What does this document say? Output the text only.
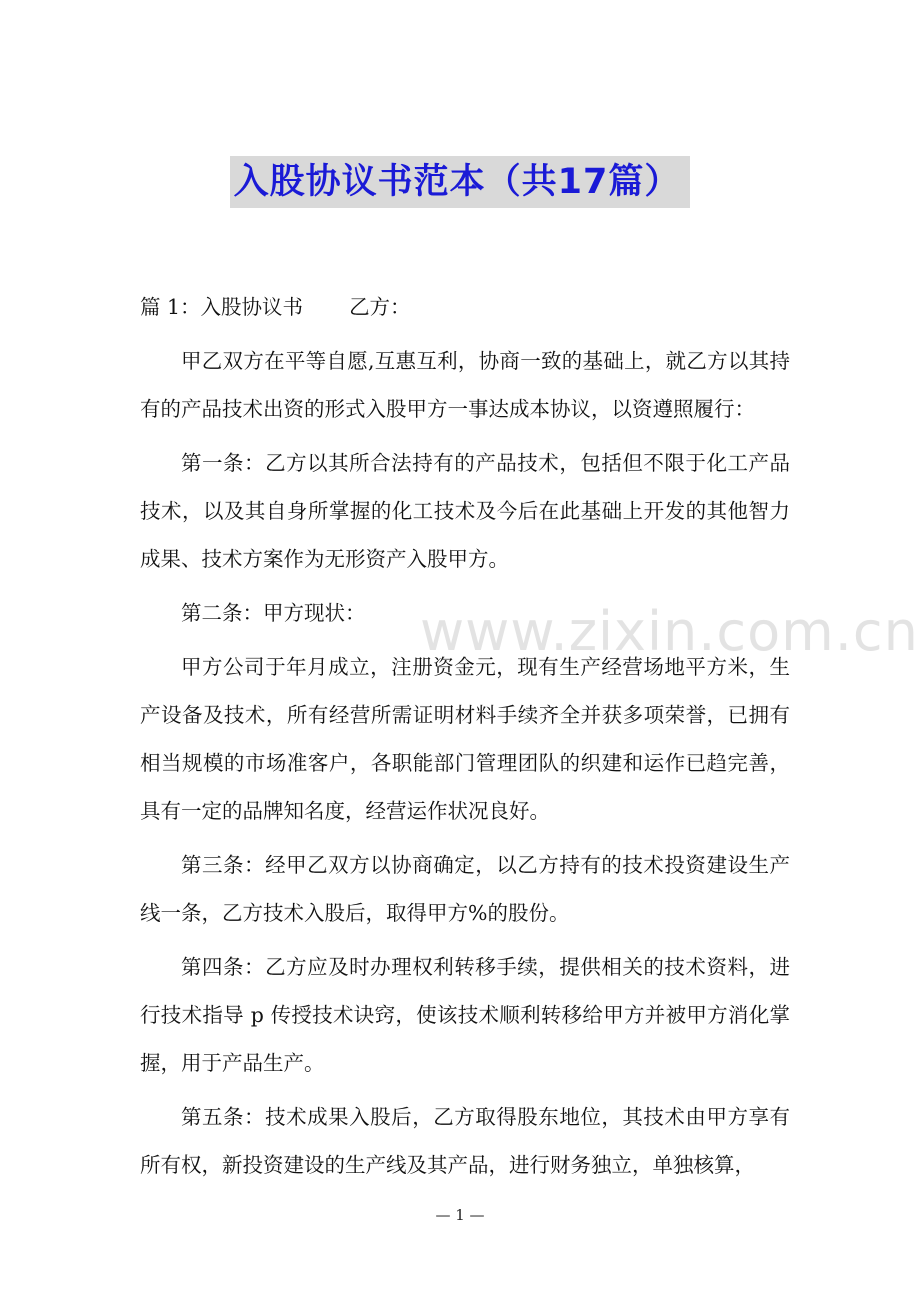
入股协议书范本（共17篇）

篇 1：入股协议书 乙方：

甲乙双方在平等自愿,互惠互利，协商一致的基础上，就乙方以其持有的产品技术出资的形式入股甲方一事达成本协议，以资遵照履行：

第一条：乙方以其所合法持有的产品技术，包括但不限于化工产品技术，以及其自身所掌握的化工技术及今后在此基础上开发的其他智力成果、技术方案作为无形资产入股甲方。

第二条：甲方现状：

甲方公司于年月成立，注册资金元，现有生产经营场地平方米，生产设备及技术，所有经营所需证明材料手续齐全并获多项荣誉，已拥有相当规模的市场准客户，各职能部门管理团队的织建和运作已趋完善，具有一定的品牌知名度，经营运作状况良好。

第三条：经甲乙双方以协商确定，以乙方持有的技术投资建设生产线一条，乙方技术入股后，取得甲方%的股份。

第四条：乙方应及时办理权利转移手续，提供相关的技术资料，进行技术指导 p 传授技术诀窍，使该技术顺利转移给甲方并被甲方消化掌握，用于产品生产。

第五条：技术成果入股后，乙方取得股东地位，其技术由甲方享有所有权，新投资建设的生产线及其产品，进行财务独立，单独核算，

www.zixin.com.cn
— 1 —
